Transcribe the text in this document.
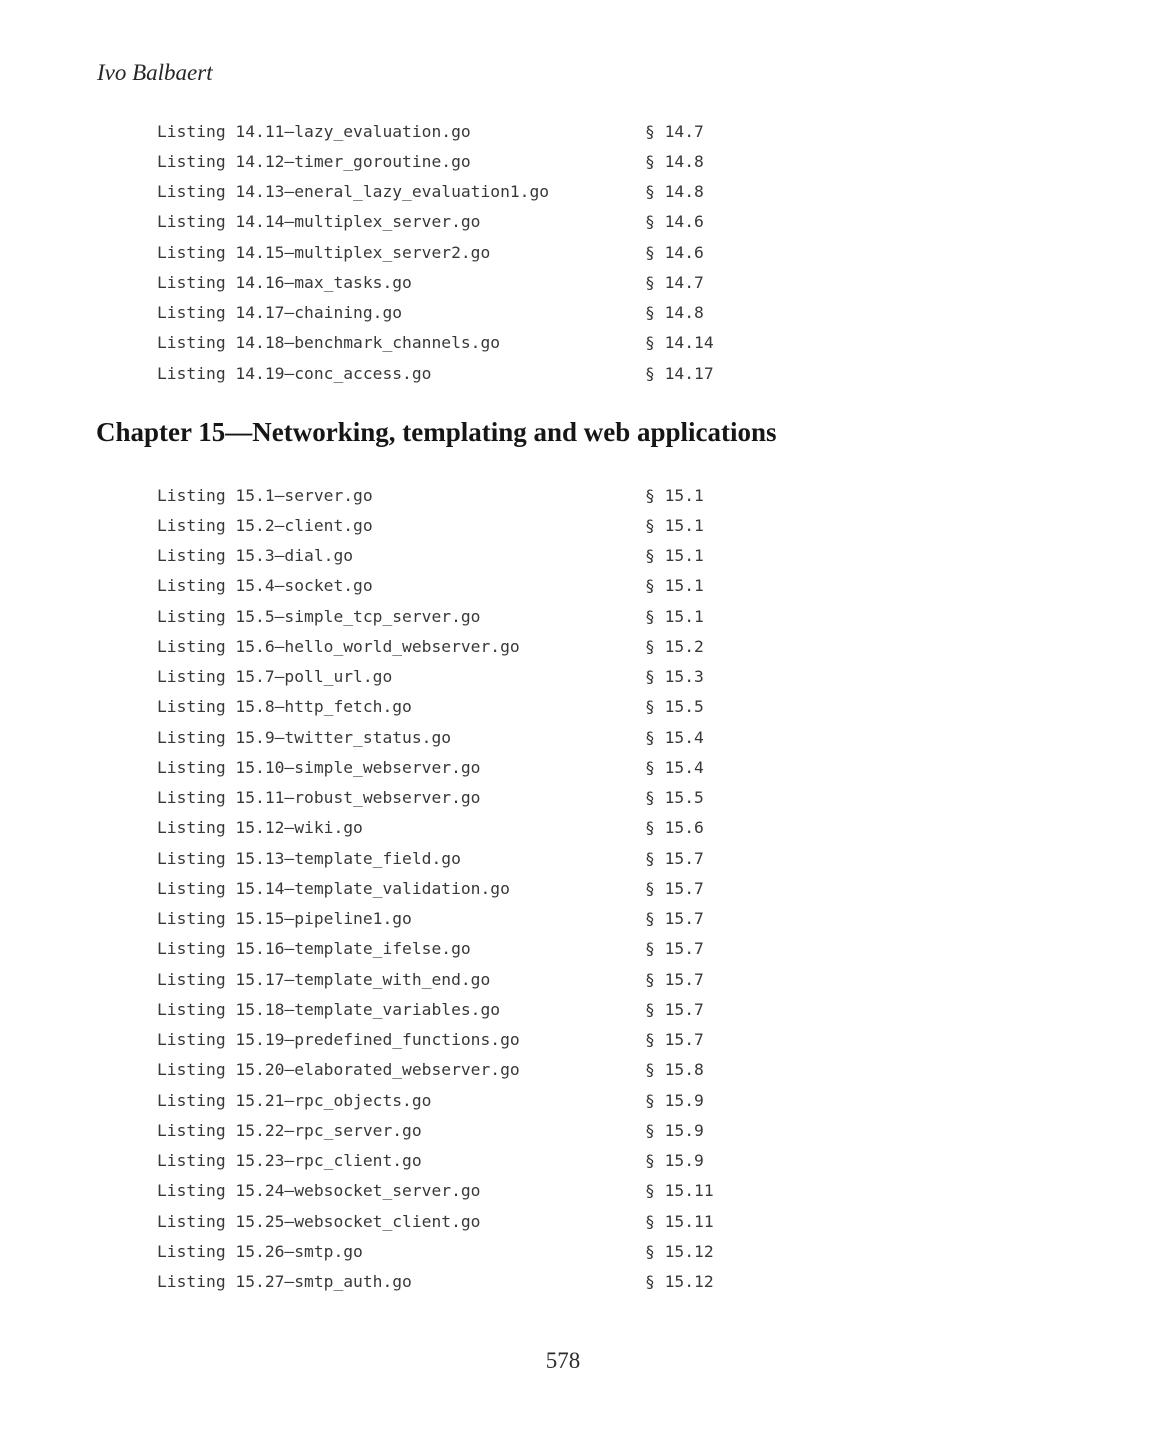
Ivo Balbaert
Listing 14.11—lazy_evaluation.go	§ 14.7
Listing 14.12—timer_goroutine.go	§ 14.8
Listing 14.13—eneral_lazy_evaluation1.go	§ 14.8
Listing 14.14—multiplex_server.go	§ 14.6
Listing 14.15—multiplex_server2.go	§ 14.6
Listing 14.16—max_tasks.go	§ 14.7
Listing 14.17—chaining.go	§ 14.8
Listing 14.18—benchmark_channels.go	§ 14.14
Listing 14.19—conc_access.go	§ 14.17
Chapter 15—Networking, templating and web applications
Listing 15.1—server.go	§ 15.1
Listing 15.2—client.go	§ 15.1
Listing 15.3—dial.go	§ 15.1
Listing 15.4—socket.go	§ 15.1
Listing 15.5—simple_tcp_server.go	§ 15.1
Listing 15.6—hello_world_webserver.go	§ 15.2
Listing 15.7—poll_url.go	§ 15.3
Listing 15.8—http_fetch.go	§ 15.5
Listing 15.9—twitter_status.go	§ 15.4
Listing 15.10—simple_webserver.go	§ 15.4
Listing 15.11—robust_webserver.go	§ 15.5
Listing 15.12—wiki.go	§ 15.6
Listing 15.13—template_field.go	§ 15.7
Listing 15.14—template_validation.go	§ 15.7
Listing 15.15—pipeline1.go	§ 15.7
Listing 15.16—template_ifelse.go	§ 15.7
Listing 15.17—template_with_end.go	§ 15.7
Listing 15.18—template_variables.go	§ 15.7
Listing 15.19—predefined_functions.go	§ 15.7
Listing 15.20—elaborated_webserver.go	§ 15.8
Listing 15.21—rpc_objects.go	§ 15.9
Listing 15.22—rpc_server.go	§ 15.9
Listing 15.23—rpc_client.go	§ 15.9
Listing 15.24—websocket_server.go	§ 15.11
Listing 15.25—websocket_client.go	§ 15.11
Listing 15.26—smtp.go	§ 15.12
Listing 15.27—smtp_auth.go	§ 15.12
578
